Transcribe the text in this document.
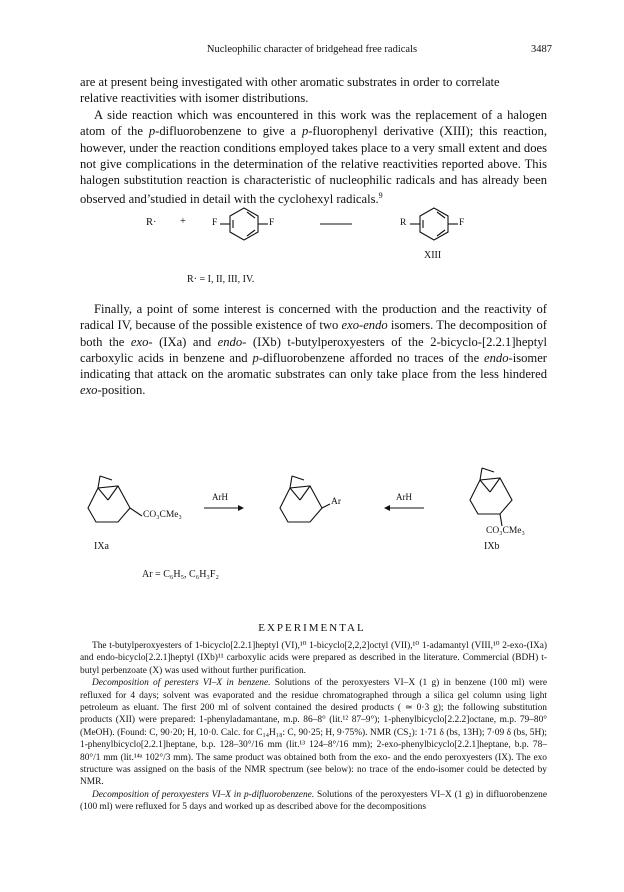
Nucleophilic character of bridgehead free radicals	3487

are at present being investigated with other aromatic substrates in order to correlate

relative reactivities with isomer distributions.

A side reaction which was encountered in this work was the replacement of a halogen atom of the p-difluorobenzene to give a p-fluorophenyl derivative (XIII); this reaction, however, under the reaction conditions employed takes place to a very small extent and does not give complications in the determination of the relative reactivities reported above. This halogen substitution reaction is characteristic of nucleophilic radicals and has already been observed and’studied in detail with the cyclohexyl radicals.$^9$

R· +	F	F	R	F
XIII
R· = I, II, III, IV.

Finally, a point of some interest is concerned with the production and the reactivity of radical IV, because of the possible existence of two exo-endo isomers. The decomposition of both the exo- (IXa) and endo- (IXb) t-butylperoxyesters of the 2-bicyclo-[2.2.1]heptyl carboxylic acids in benzene and p-difluorobenzene afforded no traces of the endo-isomer indicating that attack on the aromatic substrates can only take place from the less hindered exo-position.

CO₃CMe₃
ArH	Ar	ArH
CO₃CMe₃
IXa	IXb
Ar = C₆H₅, C₆H₃F₂
EXPERIMENTAL

The t-butylperoxyesters of 1-bicyclo[2.2.1]heptyl (VI),¹⁰ 1-bicyclo[2,2,2]octyl (VII),¹⁰ 1-adamantyl (VIII,¹⁰ 2-exo-(IXa) and endo-bicyclo[2.2.1]heptyl (IXb)¹¹ carboxylic acids were prepared as described in the literature. Commercial (BDH) t-butyl perbenzoate (X) was used without further purification.

Decomposition of peresters VI–X in benzene. Solutions of the peroxyesters VI–X (1 g) in benzene (100 ml) were refluxed for 4 days; solvent was evaporated and the residue chromatographed through a silica gel column using light petroleum as eluant. The first 200 ml of solvent contained the desired products ( ≃ 0·3 g); the following substitution products (XII) were prepared: 1-phenyladamantane, m.p. 86–8° (lit.¹² 87–9°); 1-phenylbicyclo[2.2.2]octane, m.p. 79–80° (MeOH). (Found: C, 90·20; H, 10·0. Calc. for C₁₄H₁₈: C, 90·25; H, 9·75%). NMR (CS₂): 1·71 δ (bs, 13H); 7·09 δ (bs, 5H); 1-phenylbicyclo[2.2.1]heptane, b.p. 128–30°/16 mm (lit.¹³ 124–8°/16 mm); 2-exo-phenylbicyclo[2.2.1]heptane, b.p. 78–80°/1 mm (lit.¹⁴ᵃ 102°/3 mm). The same product was obtained both from the exo- and the endo peroxyesters (IX). The exo structure was assigned on the basis of the NMR spectrum (see below): no trace of the endo-isomer could be detected by NMR.

Decomposition of peroxyesters VI–X in p-difluorobenzene. Solutions of the peroxyesters VI–X (1 g) in difluorobenzene (100 ml) were refluxed for 5 days and worked up as described above for the decompositions
